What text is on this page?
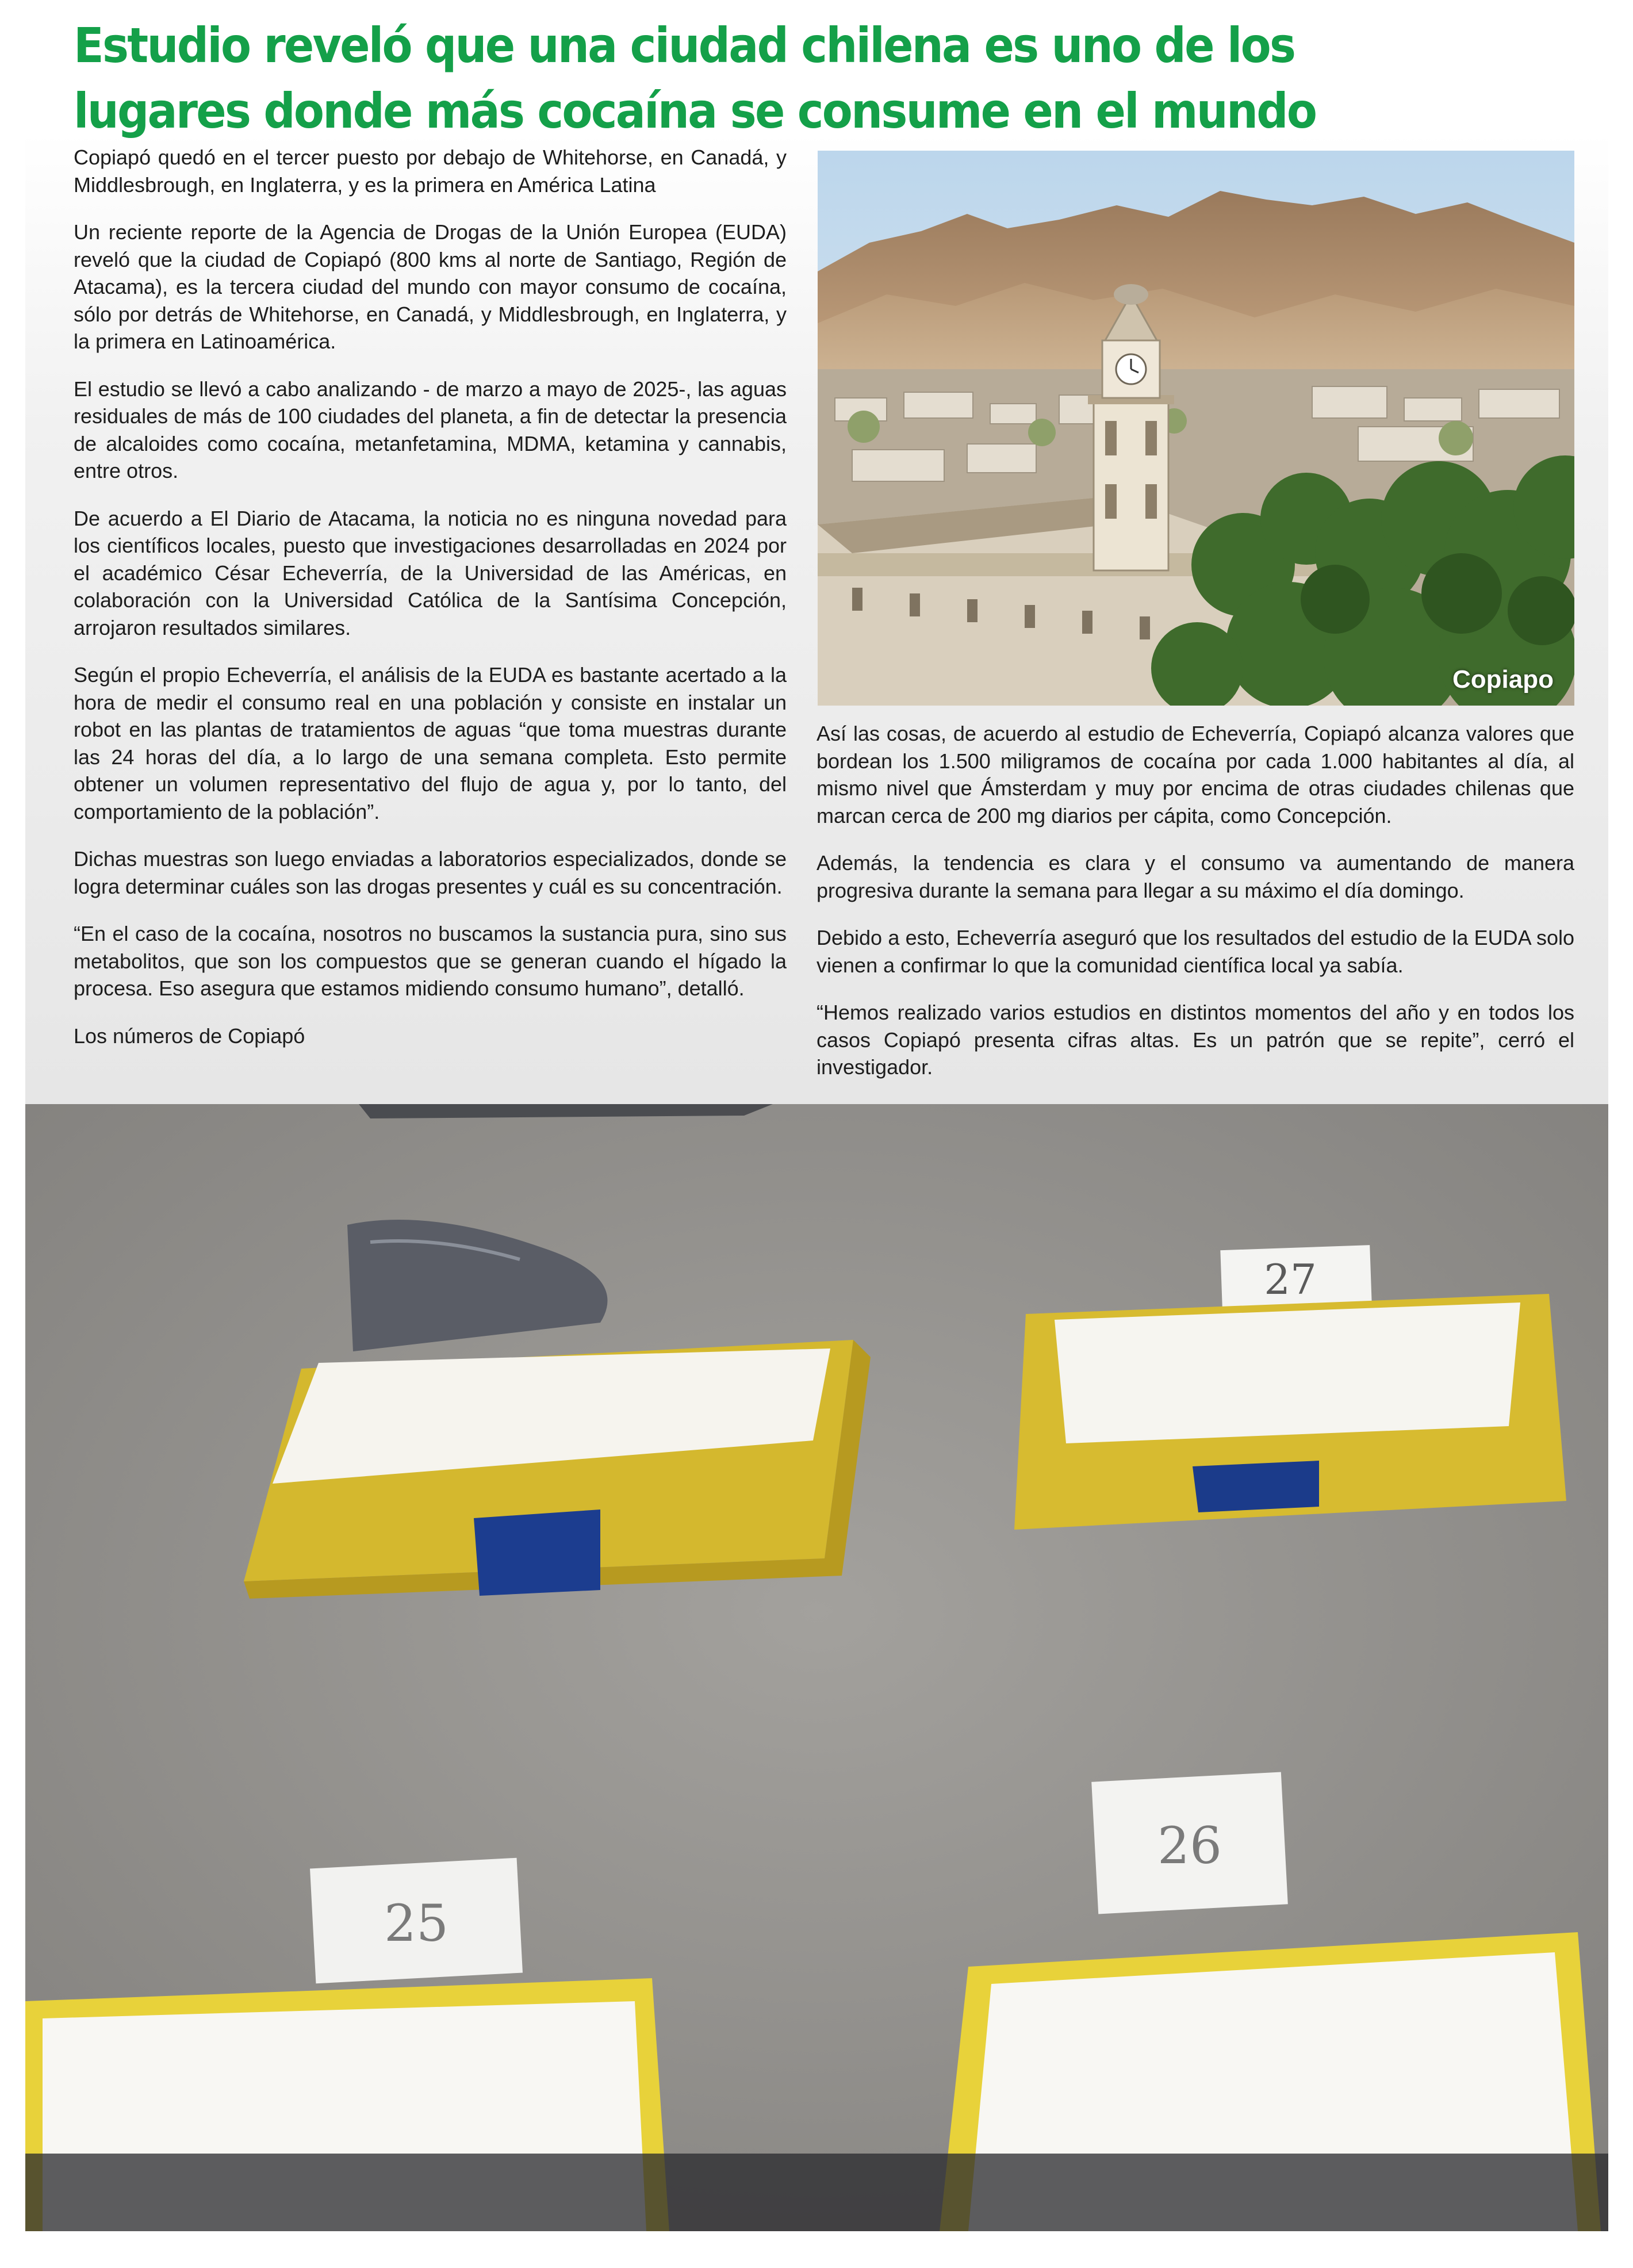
Estudio reveló que una ciudad chilena es uno de los lugares donde más cocaína se consume en el mundo

Copiapó quedó en el tercer puesto por debajo de Whitehorse, en Canadá, y Middlesbrough, en Inglaterra, y es la primera en América Latina

Un reciente reporte de la Agencia de Drogas de la Unión Europea (EUDA) reveló que la ciudad de Copiapó (800 kms al norte de Santiago, Región de Atacama), es la tercera ciudad del mundo con mayor consumo de cocaína, sólo por detrás de Whitehorse, en Canadá, y Middlesbrough, en Inglaterra, y la primera en Latinoamérica.

El estudio se llevó a cabo analizando - de marzo a mayo de 2025-, las aguas residuales de más de 100 ciudades del planeta, a fin de detectar la presencia de alcaloides como cocaína, metanfetamina, MDMA, ketamina y cannabis, entre otros.

De acuerdo a El Diario de Atacama, la noticia no es ninguna novedad para los científicos locales, puesto que investigaciones desarrolladas en 2024 por el académico César Echeverría, de la Universidad de las Américas, en colaboración con la Universidad Católica de la Santísima Concepción, arrojaron resultados similares.

Según el propio Echeverría, el análisis de la EUDA es bastante acertado a la hora de medir el consumo real en una población y consiste en instalar un robot en las plantas de tratamientos de aguas “que toma muestras durante las 24 horas del día, a lo largo de una semana completa. Esto permite obtener un volumen representativo del flujo de agua y, por lo tanto, del comportamiento de la población”.

Dichas muestras son luego enviadas a laboratorios especializados, donde se logra determinar cuáles son las drogas presentes y cuál es su concentración.

“En el caso de la cocaína, nosotros no buscamos la sustancia pura, sino sus metabolitos, que son los compuestos que se generan cuando el hígado la procesa. Eso asegura que estamos midiendo consumo humano”, detalló.

Los números de Copiapó

Copiapo

Así las cosas, de acuerdo al estudio de Echeverría, Copiapó alcanza valores que bordean los 1.500 miligramos de cocaína por cada 1.000 habitantes al día, al mismo nivel que Ámsterdam y muy por encima de otras ciudades chilenas que marcan cerca de 200 mg diarios per cápita, como Concepción.

Además, la tendencia es clara y el consumo va aumentando de manera progresiva durante la semana para llegar a su máximo el día domingo.

Debido a esto, Echeverría aseguró que los resultados del estudio de la EUDA solo vienen a confirmar lo que la comunidad científica local ya sabía.

“Hemos realizado varios estudios en distintos momentos del año y en todos los casos Copiapó presenta cifras altas. Es un patrón que se repite”, cerró el investigador.

27
25
26
